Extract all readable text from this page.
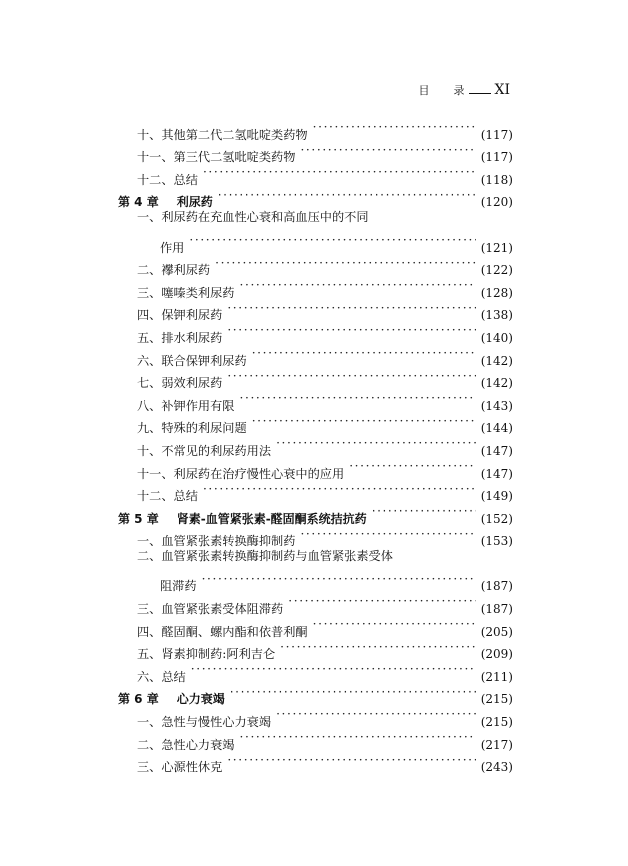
目 录 XI
十、其他第二代二氢吡啶类药物 ·····	(117)
十一、第三代二氢吡啶类药物 ·····	(117)
十二、总结 ·····	(118)
第 4 章 利尿药 ·····	(120)
一、利尿药在充血性心衰和高血压中的不同
作用 ·····	(121)
二、襻利尿药 ·····	(122)
三、噻嗪类利尿药 ·····	(128)
四、保钾利尿药 ·····	(138)
五、排水利尿药 ·····	(140)
六、联合保钾利尿药 ·····	(142)
七、弱效利尿药 ·····	(142)
八、补钾作用有限 ·····	(143)
九、特殊的利尿问题 ·····	(144)
十、不常见的利尿药用法 ·····	(147)
十一、利尿药在治疗慢性心衰中的应用 ·····	(147)
十二、总结 ·····	(149)
第 5 章 肾素-血管紧张素-醛固酮系统拮抗药 ·····	(152)
一、血管紧张素转换酶抑制药 ·····	(153)
二、血管紧张素转换酶抑制药与血管紧张素受体
阻滞药 ·····	(187)
三、血管紧张素受体阻滞药 ·····	(187)
四、醛固酮、螺内酯和依普利酮 ·····	(205)
五、肾素抑制药:阿利吉仑 ·····	(209)
六、总结 ·····	(211)
第 6 章 心力衰竭 ·····	(215)
一、急性与慢性心力衰竭 ·····	(215)
二、急性心力衰竭 ·····	(217)
三、心源性休克 ·····	(243)
